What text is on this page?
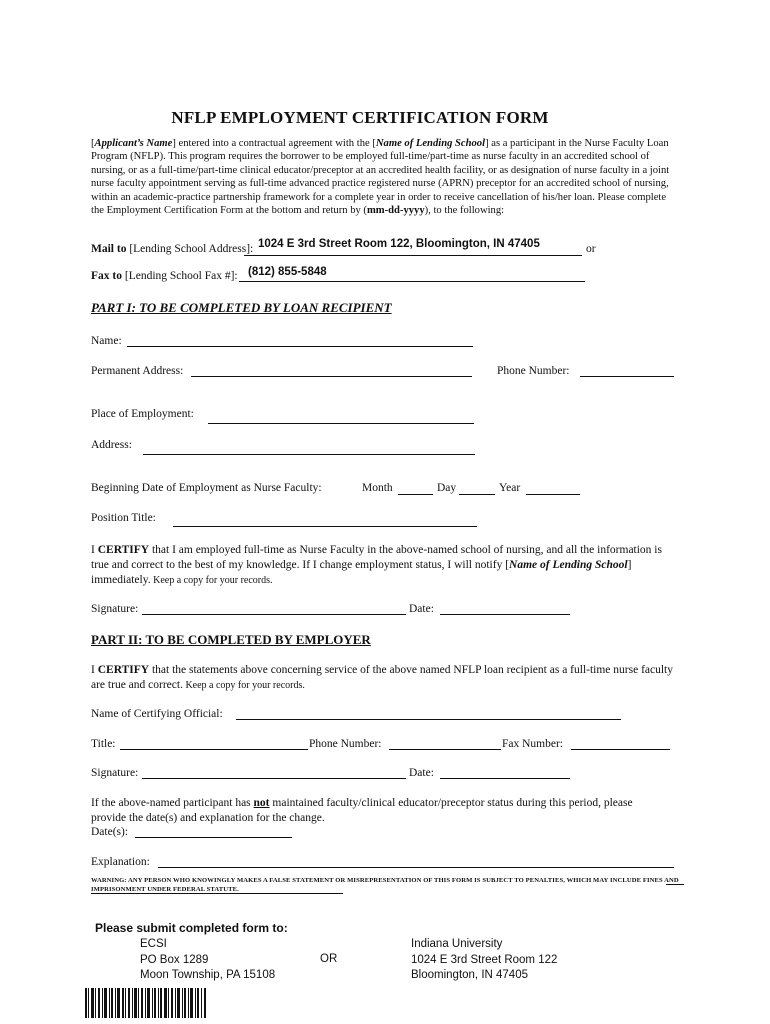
NFLP EMPLOYMENT CERTIFICATION FORM
[Applicant’s Name] entered into a contractual agreement with the [Name of Lending School] as a participant in the Nurse Faculty Loan Program (NFLP). This program requires the borrower to be employed full-time/part-time as nurse faculty in an accredited school of nursing, or as a full-time/part-time clinical educator/preceptor at an accredited health facility, or as designation of nurse faculty in a joint nurse faculty appointment serving as full-time advanced practice registered nurse (APRN) preceptor for an accredited school of nursing, within an academic-practice partnership framework for a complete year in order to receive cancellation of his/her loan. Please complete the Employment Certification Form at the bottom and return by (mm-dd-yyyy), to the following:
Mail to [Lending School Address]: 1024 E 3rd Street Room 122, Bloomington, IN 47405	or
Fax to [Lending School Fax #]: (812) 855-5848
PART I: TO BE COMPLETED BY LOAN RECIPIENT
Name:
Permanent Address:	Phone Number:
Place of Employment:
Address:
Beginning Date of Employment as Nurse Faculty:	Month	Day	Year
Position Title:
I CERTIFY that I am employed full-time as Nurse Faculty in the above-named school of nursing, and all the information is true and correct to the best of my knowledge. If I change employment status, I will notify [Name of Lending School] immediately. Keep a copy for your records.
Signature:	Date:
PART II: TO BE COMPLETED BY EMPLOYER
I CERTIFY that the statements above concerning service of the above named NFLP loan recipient as a full-time nurse faculty are true and correct. Keep a copy for your records.
Name of Certifying Official:
Title:	Phone Number:	Fax Number:
Signature:	Date:
If the above-named participant has not maintained faculty/clinical educator/preceptor status during this period, please provide the date(s) and explanation for the change.
Date(s):
Explanation:
WARNING: ANY PERSON WHO KNOWINGLY MAKES A FALSE STATEMENT OR MISREPRESENTATION OF THIS FORM IS SUBJECT TO PENALTIES, WHICH MAY INCLUDE FINES AND IMPRISONMENT UNDER FEDERAL STATUTE.
Please submit completed form to:
ECSI
PO Box 1289
Moon Township, PA 15108
OR
Indiana University
1024 E 3rd Street Room 122
Bloomington, IN 47405
